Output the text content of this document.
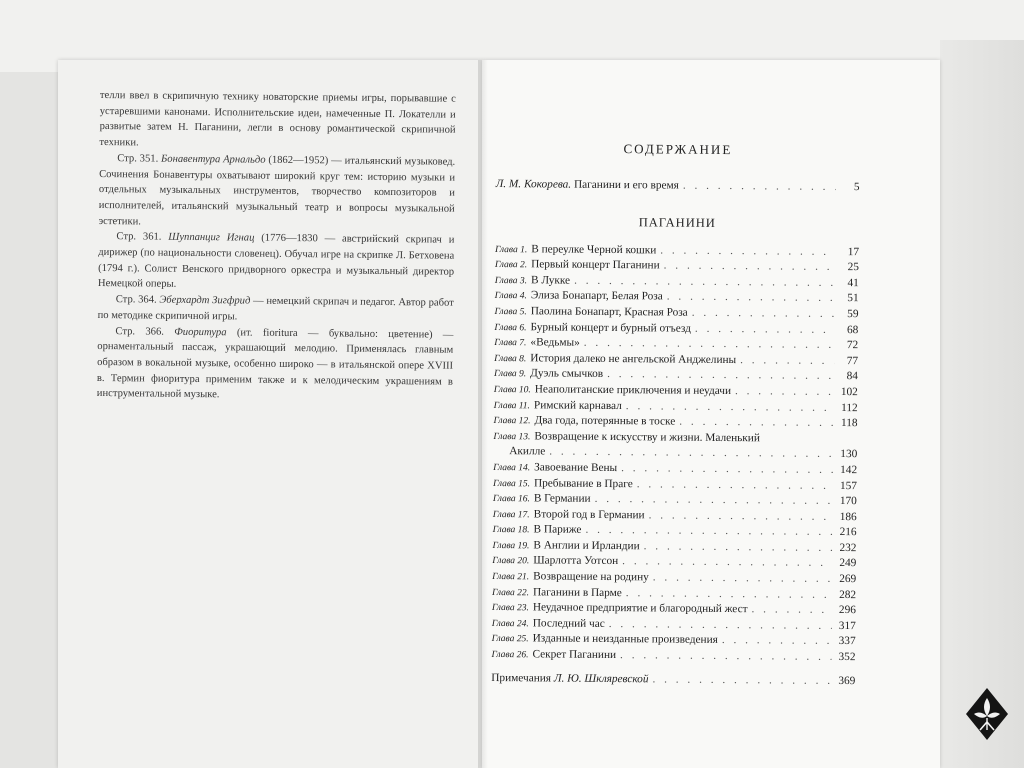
телли ввел в скрипичную технику новаторские приемы игры, порывавшие с устаревшими канонами. Исполнительские идеи, намеченные П. Локателли и развитые затем Н. Паганини, легли в основу романтической скрипичной техники.

Стр. 351. Бонавентура Арнальдо (1862—1952) — итальянский музыковед. Сочинения Бонавентуры охватывают широкий круг тем: историю музыки и отдельных музыкальных инструментов, творчество композиторов и исполнителей, итальянский музыкальный театр и вопросы музыкальной эстетики.

Стр. 361. Шуппанциг Игнац (1776—1830 — австрийский скрипач и дирижер (по национальности словенец). Обучал игре на скрипке Л. Бетховена (1794 г.). Солист Венского придворного оркестра и музыкальный директор Немецкой оперы.

Стр. 364. Эберхардт Зигфрид — немецкий скрипач и педагог. Автор работ по методике скрипичной игры.

Стр. 366. Фиоритура (ит. fioritura — буквально: цветение) — орнаментальный пассаж, украшающий мелодию. Применялась главным образом в вокальной музыке, особенно широко — в итальянской опере XVIII в. Термин фиоритура применим также и к мелодическим украшениям в инструментальной музыке.

СОДЕРЖАНИЕ
Л. М. Кокорева. Паганини и его время . . .	5
ПАГАНИНИ
Глава 1. В переулке Черной кошки . . .	17
Глава 2. Первый концерт Паганини . . .	25
Глава 3. В Лукке . . .	41
Глава 4. Элиза Бонапарт, Белая Роза . . .	51
Глава 5. Паолина Бонапарт, Красная Роза . . .	59
Глава 6. Бурный концерт и бурный отъезд . . .	68
Глава 7. «Ведьмы» . . .	72
Глава 8. История далеко не ангельской Анджелины . . .	77
Глава 9. Дуэль смычков . . .	84
Глава 10. Неаполитанские приключения и неудачи . . .	102
Глава 11. Римский карнавал . . .	112
Глава 12. Два года, потерянные в тоске . . .	118
Глава 13. Возвращение к искусству и жизни. Маленький
Акилле . . .	130
Глава 14. Завоевание Вены . . .	142
Глава 15. Пребывание в Праге . . .	157
Глава 16. В Германии . . .	170
Глава 17. Второй год в Германии . . .	186
Глава 18. В Париже . . .	216
Глава 19. В Англии и Ирландии . . .	232
Глава 20. Шарлотта Уотсон . . .	249
Глава 21. Возвращение на родину . . .	269
Глава 22. Паганини в Парме . . .	282
Глава 23. Неудачное предприятие и благородный жест . . .	296
Глава 24. Последний час . . .	317
Глава 25. Изданные и неизданные произведения . . .	337
Глава 26. Секрет Паганини . . .	352
Примечания Л. Ю. Шкляревской . . .	369
